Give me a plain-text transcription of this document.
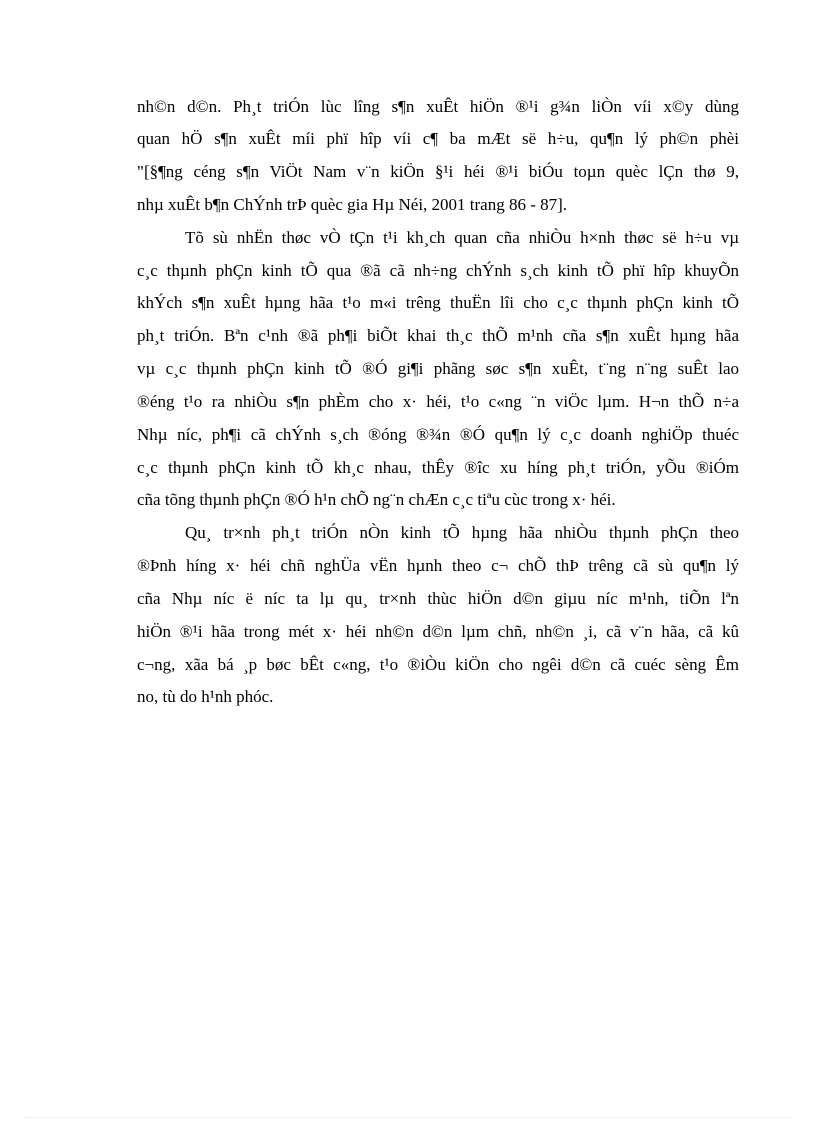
nh©n d©n. Ph¸t triÓn lùc lîng s¶n xuÊt hiÖn ®¹i g¾n liÒn víi x©y dùng
quan hÖ s¶n xuÊt míi phï hîp víi c¶ ba mÆt së h÷u, qu¶n lý ph©n phèi
"[§¶ng céng s¶n ViÖt Nam v¨n kiÖn §¹i héi ®¹i biÓu toµn quèc lÇn thø 9,
nhµ xuÊt b¶n ChÝnh trÞ quèc gia Hµ Néi, 2001 trang 86 - 87].
Tõ sù nhËn thøc vÒ tÇn t¹i kh¸ch quan cña nhiÒu h×nh thøc së h÷u vµ
c¸c thµnh phÇn kinh tÕ qua ®ã cã nh÷ng chÝnh s¸ch kinh tÕ phï hîp khuyÕn
khÝch s¶n xuÊt hµng hãa t¹o m«i trêng thuËn lîi cho c¸c thµnh phÇn kinh tÕ
ph¸t triÓn. Bªn c¹nh ®ã ph¶i biÕt khai th¸c thÕ m¹nh cña s¶n xuÊt hµng hãa
vµ c¸c thµnh phÇn kinh tÕ ®Ó gi¶i phãng søc s¶n xuÊt, t¨ng n¨ng suÊt lao
®éng t¹o ra nhiÒu s¶n phÈm cho x· héi, t¹o c«ng ¨n viÖc lµm. H¬n thÕ n÷a
Nhµ níc, ph¶i cã chÝnh s¸ch ®óng ®¾n ®Ó qu¶n lý c¸c doanh nghiÖp thuéc
c¸c thµnh phÇn kinh tÕ kh¸c nhau, thÊy ®îc xu híng ph¸t triÓn, yÕu ®iÓm
cña tõng thµnh phÇn ®Ó h¹n chÕ ng¨n chÆn c¸c tiªu cùc trong x· héi.
Qu¸ tr×nh ph¸t triÓn nÒn kinh tÕ hµng hãa nhiÒu thµnh phÇn theo
®Þnh híng x· héi chñ nghÜa vËn hµnh theo c¬ chÕ thÞ trêng cã sù qu¶n lý
cña Nhµ níc ë níc ta lµ qu¸ tr×nh thùc hiÖn d©n giµu níc m¹nh, tiÕn lªn
hiÖn ®¹i hãa trong mét x· héi nh©n d©n lµm chñ, nh©n ¸i, cã v¨n hãa, cã kû
c¬ng, xãa bá ¸p bøc bÊt c«ng, t¹o ®iÒu kiÖn cho ngêi d©n cã cuéc sèng Êm
no, tù do h¹nh phóc.
